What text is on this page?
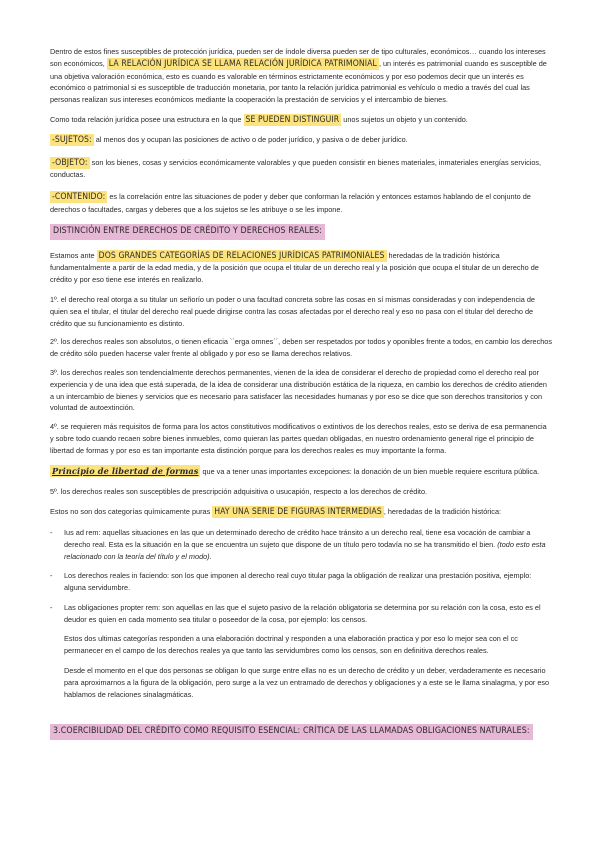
Dentro de estos fines susceptibles de protección jurídica, pueden ser de índole diversa pueden ser de tipo culturales, económicos… cuando los intereses son económicos, LA RELACIÓN JURÍDICA SE LLAMA RELACIÓN JURÍDICA PATRIMONIAL , un interés es patrimonial cuando es susceptible de una objetiva valoración económica, esto es cuando es valorable en términos estrictamente económicos y por eso podemos decir que un interés es económico o patrimonial si es susceptible de traducción monetaria, por tanto la relación jurídica patrimonial es vehículo o medio a través del cual las personas realizan sus intereses económicos mediante la cooperación la prestación de servicios y el intercambio de bienes.

Como toda relación jurídica posee una estructura en la que SE PUEDEN DISTINGUIR unos sujetos un objeto y un contenido.

-SUJETOS: al menos dos y ocupan las posiciones de activo o de poder jurídico, y pasiva o de deber jurídico.

-OBJETO: son los bienes, cosas y servicios económicamente valorables y que pueden consistir en bienes materiales, inmateriales energías servicios, conductas.

-CONTENIDO: es la correlación entre las situaciones de poder y deber que conforman la relación y entonces estamos hablando de el conjunto de derechos o facultades, cargas y deberes que a los sujetos se les atribuye o se les impone.

DISTINCIÓN ENTRE DERECHOS DE CRÉDITO Y DERECHOS REALES:

Estamos ante DOS GRANDES CATEGORÍAS DE RELACIONES JURÍDICAS PATRIMONIALES heredadas de la tradición histórica fundamentalmente a partir de la edad media, y de la posición que ocupa el titular de un derecho real y la posición que ocupa el titular de un derecho de crédito y por eso tiene ese interés en realizarlo.

1º. el derecho real otorga a su titular un señorío un poder o una facultad concreta sobre las cosas en sí mismas consideradas y con independencia de quien sea el titular, el titular del derecho real puede dirigirse contra las cosas afectadas por el derecho real y eso no pasa con el titular del derecho de crédito que su funcionamiento es distinto.

2º. los derechos reales son absolutos, o tienen eficacia ``erga omnes´´, deben ser respetados por todos y oponibles frente a todos, en cambio los derechos de crédito sólo pueden hacerse valer frente al obligado y por eso se llama derechos relativos.

3º. los derechos reales son tendencialmente derechos permanentes, vienen de la idea de considerar el derecho de propiedad como el derecho real por experiencia y de una idea que está superada, de la idea de considerar una distribución estática de la riqueza, en cambio los derechos de crédito atienden a un intercambio de bienes y servicios que es necesario para satisfacer las necesidades humanas y por eso se dice que son derechos transitorios y con voluntad de autoextinción.

4º. se requieren más requisitos de forma para los actos constitutivos modificativos o extintivos de los derechos reales, esto se deriva de esa permanencia y sobre todo cuando recaen sobre bienes inmuebles, como quieran las partes quedan obligadas, en nuestro ordenamiento general rige el principio de libertad de formas y por eso es tan importante esta distinción porque para los derechos reales es muy importante la forma.

Principio de libertad de formas que va a tener unas importantes excepciones: la donación de un bien mueble requiere escritura pública.

5º. los derechos reales son susceptibles de prescripción adquisitiva o usucapión, respecto a los derechos de crédito.

Estos no son dos categorías químicamente puras HAY UNA SERIE DE FIGURAS INTERMEDIAS , heredadas de la tradición histórica:

- Ius ad rem: aquellas situaciones en las que un determinado derecho de crédito hace tránsito a un derecho real, tiene esa vocación de cambiar a derecho real. Esta es la situación en la que se encuentra un sujeto que dispone de un título pero todavía no se ha transmitido el bien. (todo esto esta relacionado con la teoría del título y el modo).
- Los derechos reales in faciendo: son los que imponen al derecho real cuyo titular paga la obligación de realizar una prestación positiva, ejemplo: alguna servidumbre.
- Las obligaciones propter rem: son aquellas en las que el sujeto pasivo de la relación obligatoria se determina por su relación con la cosa, esto es el deudor es quien en cada momento sea titular o poseedor de la cosa, por ejemplo: los censos.

Estos dos ultimas categorías responden a una elaboración doctrinal y responden a una elaboración practica y por eso lo mejor sea con el cc permanecer en el campo de los derechos reales ya que tanto las servidumbres como los censos, son en definitiva derechos reales.

Desde el momento en el que dos personas se obligan lo que surge entre ellas no es un derecho de crédito y un deber, verdaderamente es necesario para aproximarnos a la figura de la obligación, pero surge a la vez un entramado de derechos y obligaciones y a este se le llama sinalagma, y por eso hablamos de relaciones sinalagmáticas.

3.COERCIBILIDAD DEL CRÉDITO COMO REQUISITO ESENCIAL: CRÍTICA DE LAS LLAMADAS OBLIGACIONES NATURALES:
